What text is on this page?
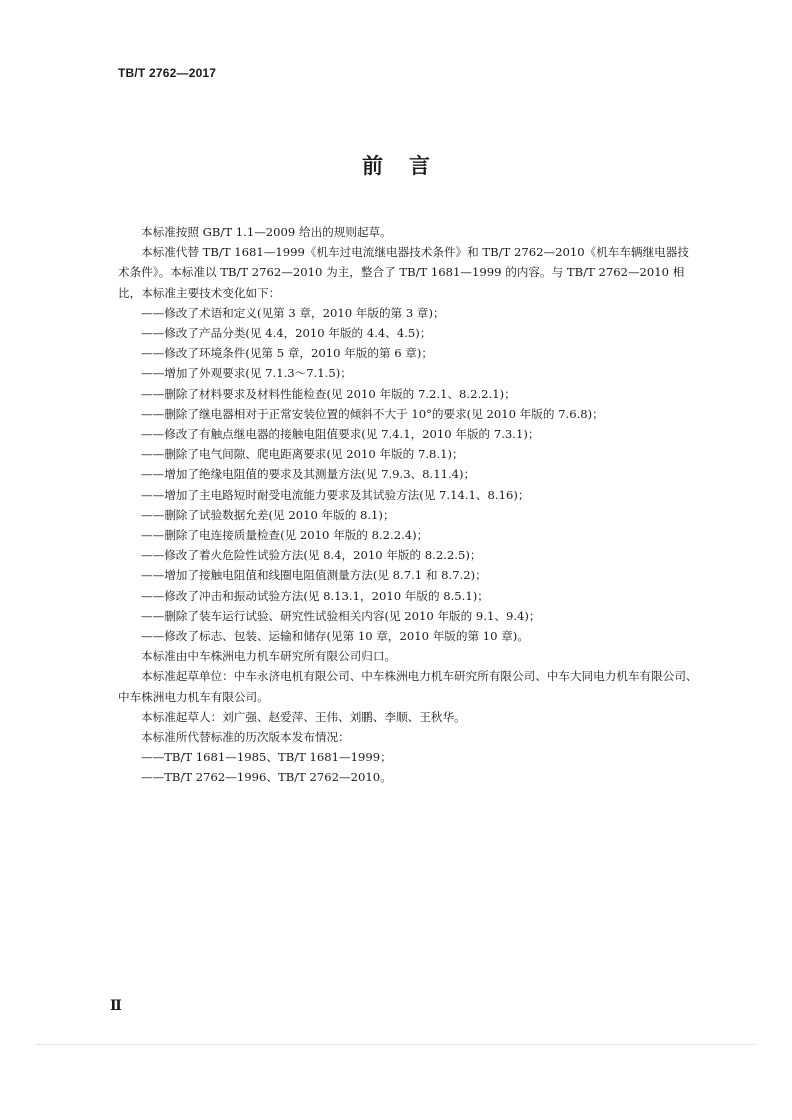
TB/T 2762—2017
前言

本标准按照 GB/T 1.1—2009 给出的规则起草。

本标准代替 TB/T 1681—1999《机车过电流继电器技术条件》和 TB/T 2762—2010《机车车辆继电器技术条件》。本标准以 TB/T 2762—2010 为主，整合了 TB/T 1681—1999 的内容。与 TB/T 2762—2010 相比，本标准主要技术变化如下：

——修改了术语和定义(见第 3 章，2010 年版的第 3 章)；

——修改了产品分类(见 4.4，2010 年版的 4.4、4.5)；

——修改了环境条件(见第 5 章，2010 年版的第 6 章)；

——增加了外观要求(见 7.1.3～7.1.5)；

——删除了材料要求及材料性能检查(见 2010 年版的 7.2.1、8.2.2.1)；

——删除了继电器相对于正常安装位置的倾斜不大于 10°的要求(见 2010 年版的 7.6.8)；

——修改了有触点继电器的接触电阻值要求(见 7.4.1，2010 年版的 7.3.1)；

——删除了电气间隙、爬电距离要求(见 2010 年版的 7.8.1)；

——增加了绝缘电阻值的要求及其测量方法(见 7.9.3、8.11.4)；

——增加了主电路短时耐受电流能力要求及其试验方法(见 7.14.1、8.16)；

——删除了试验数据允差(见 2010 年版的 8.1)；

——删除了电连接质量检查(见 2010 年版的 8.2.2.4)；

——修改了着火危险性试验方法(见 8.4，2010 年版的 8.2.2.5)；

——增加了接触电阻值和线圈电阻值测量方法(见 8.7.1 和 8.7.2)；

——修改了冲击和振动试验方法(见 8.13.1，2010 年版的 8.5.1)；

——删除了装车运行试验、研究性试验相关内容(见 2010 年版的 9.1、9.4)；

——修改了标志、包装、运输和储存(见第 10 章，2010 年版的第 10 章)。

本标准由中车株洲电力机车研究所有限公司归口。

本标准起草单位：中车永济电机有限公司、中车株洲电力机车研究所有限公司、中车大同电力机车有限公司、中车株洲电力机车有限公司。

本标准起草人：刘广强、赵爱萍、王伟、刘鹏、李顺、王秋华。

本标准所代替标准的历次版本发布情况：

——TB/T 1681—1985、TB/T 1681—1999；

——TB/T 2762—1996、TB/T 2762—2010。

Ⅱ
